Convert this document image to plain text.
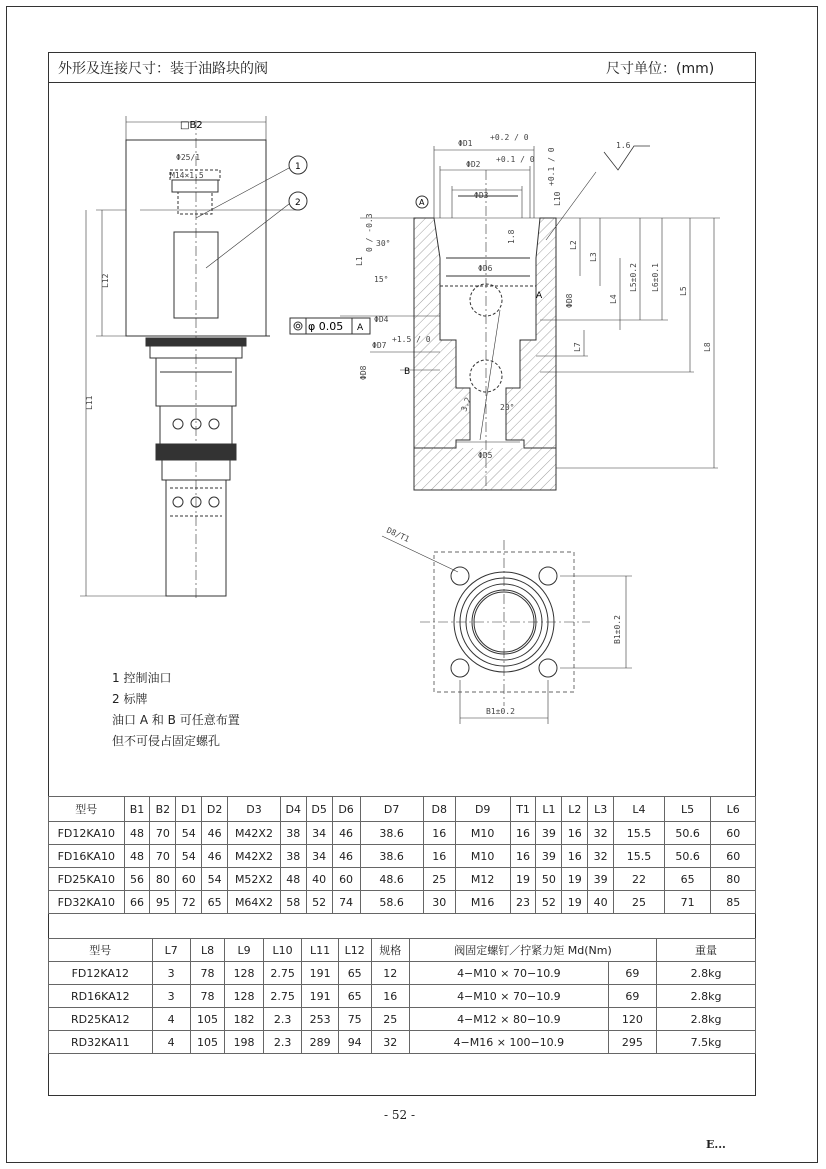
外形及连接尺寸：装于油路块的阀	尺寸单位：(mm)
□B2
Φ25/1
M14×1.5
L12
L11
1
2
ΦD1
+0.2 / 0
ΦD2
+0.1 / 0
ΦD3
ΦD6
ΦD4
ΦD7
+1.5 / 0
ΦD8
ΦD5
ΦD8
A
A
B
1.6
L1
0 / -0.3
L10
+0.1 / 0
L2
L3
L4
L5±0.2 L6±0.1 L5
L8
L7
30°
15°
20°
3.2
1.8
φ 0.05 A
D8/T1
B1±0.2
B1±0.2
1 控制油口
2 标牌
油口 A 和 B 可任意布置
但不可侵占固定螺孔
型号	B1	B2	D1	D2	D3	D4	D5	D6	D7	D8	D9	T1	L1	L2	L3	L4	L5	L6
FD12KA10	48	70	54	46	M42X2	38	34	46	38.6	16	M10	16	39	16	32	15.5	50.6	60
FD16KA10	48	70	54	46	M42X2	38	34	46	38.6	16	M10	16	39	16	32	15.5	50.6	60
FD25KA10	56	80	60	54	M52X2	48	40	60	48.6	25	M12	19	50	19	39	22	65	80
FD32KA10	66	95	72	65	M64X2	58	52	74	58.6	30	M16	23	52	19	40	25	71	85
型号	L7	L8	L9	L10	L11	L12	规格	阀固定螺钉／拧紧力矩 Md(Nm)		重量
FD12KA12	3	78	128	2.75	191	65	12	4−M10 × 70−10.9	69	2.8kg
RD16KA12	3	78	128	2.75	191	65	16	4−M10 × 70−10.9	69	2.8kg
RD25KA12	4	105	182	2.3	253	75	25	4−M12 × 80−10.9	120	2.8kg
RD32KA11	4	105	198	2.3	289	94	32	4−M16 × 100−10.9	295	7.5kg
- 52 -
E...
